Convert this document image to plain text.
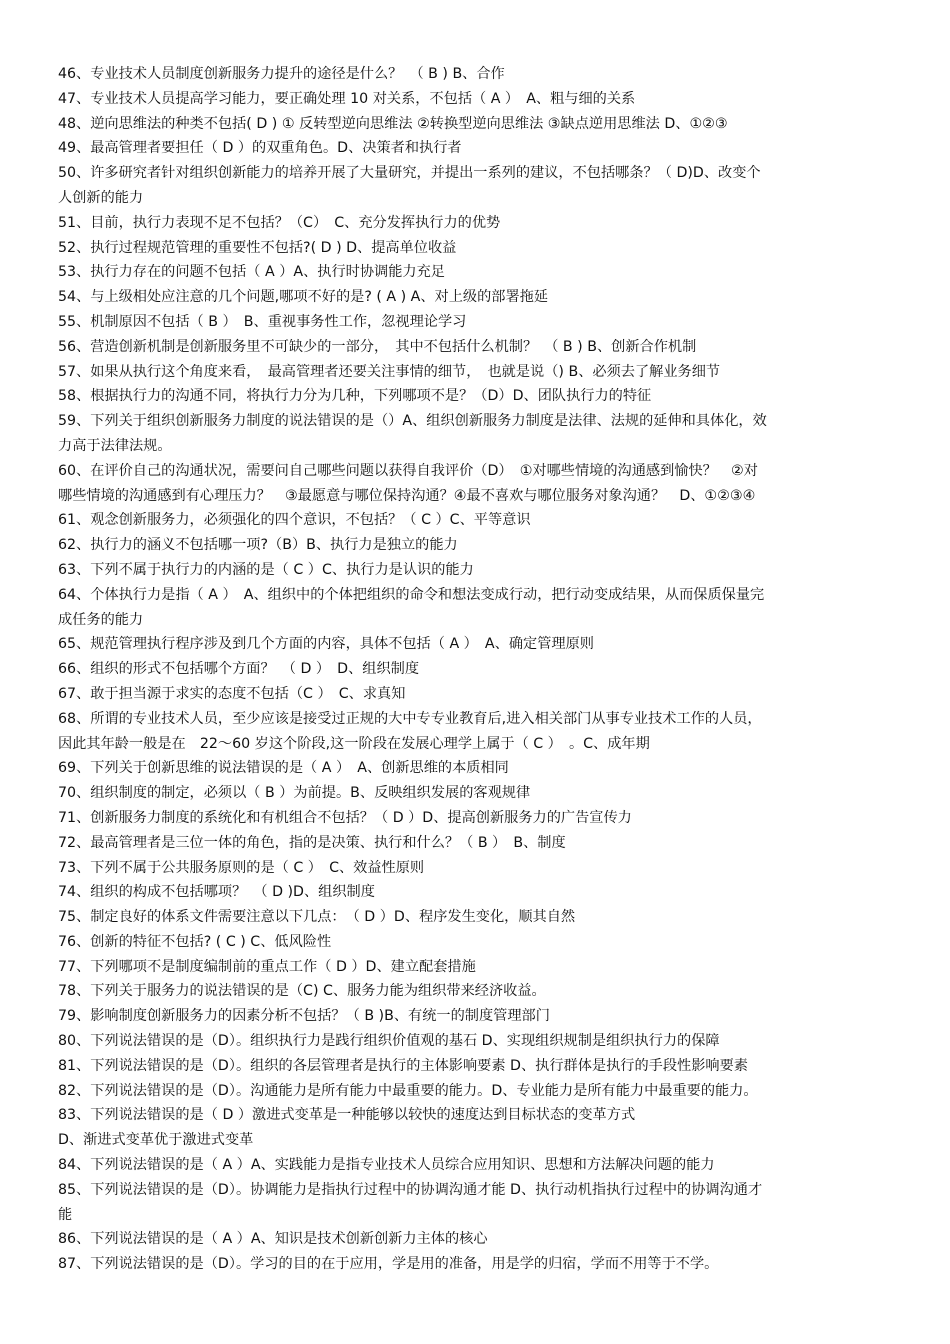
46、专业技术人员制度创新服务力提升的途径是什么？　（ B ) B、合作
47、专业技术人员提高学习能力，要正确处理 10 对关系，不包括（ A ）　A、粗与细的关系
48、逆向思维法的种类不包括( D ) ① 反转型逆向思维法 ②转换型逆向思维法 ③缺点逆用思维法 D、①②③
49、最高管理者要担任（ D ）的双重角色。D、决策者和执行者
50、许多研究者针对组织创新能力的培养开展了大量研究，并提出一系列的建议，不包括哪条？（ D)D、改变个
人创新的能力
51、目前，执行力表现不足不包括？（C）　C、充分发挥执行力的优势
52、执行过程规范管理的重要性不包括?( D ) D、提高单位收益
53、执行力存在的问题不包括（ A ）A、执行时协调能力充足
54、与上级相处应注意的几个问题,哪项不好的是? ( A ) A、对上级的部署拖延
55、机制原因不包括（ B ）　B、重视事务性工作，忽视理论学习
56、营造创新机制是创新服务里不可缺少的一部分，　其中不包括什么机制？　（ B ) B、创新合作机制
57、如果从执行这个角度来看，　最高管理者还要关注事情的细节，　也就是说（) B、必须去了解业务细节
58、根据执行力的沟通不同，将执行力分为几种，下列哪项不是？（D）D、团队执行力的特征
59、下列关于组织创新服务力制度的说法错误的是（）A、组织创新服务力制度是法律、法规的延伸和具体化，效
力高于法律法规。
60、在评价自己的沟通状况，需要问自己哪些问题以获得自我评价（D）　①对哪些情境的沟通感到愉快？　②对
哪些情境的沟通感到有心理压力？　③最愿意与哪位保持沟通？④最不喜欢与哪位服务对象沟通？　D、①②③④
61、观念创新服务力，必须强化的四个意识，不包括？（ C ）C、平等意识
62、执行力的涵义不包括哪一项?（B）B、执行力是独立的能力
63、下列不属于执行力的内涵的是（ C ）C、执行力是认识的能力
64、个体执行力是指（ A ）　A、组织中的个体把组织的命令和想法变成行动，把行动变成结果，从而保质保量完
成任务的能力
65、规范管理执行程序涉及到几个方面的内容，具体不包括（ A ）　A、确定管理原则
66、组织的形式不包括哪个方面？　（ D ）　D、组织制度
67、敢于担当源于求实的态度不包括（C ）　C、求真知
68、所谓的专业技术人员，至少应该是接受过正规的大中专专业教育后,进入相关部门从事专业技术工作的人员，
因此其年龄一般是在　22～60 岁这个阶段,这一阶段在发展心理学上属于（ C ）　。C、成年期
69、下列关于创新思维的说法错误的是（ A ）　A、创新思维的本质相同
70、组织制度的制定，必须以（ B ）为前提。B、反映组织发展的客观规律
71、创新服务力制度的系统化和有机组合不包括？（ D ）D、提高创新服务力的广告宣传力
72、最高管理者是三位一体的角色，指的是决策、执行和什么？（ B ）　B、制度
73、下列不属于公共服务原则的是（ C ）　C、效益性原则
74、组织的构成不包括哪项？　（ D )D、组织制度
75、制定良好的体系文件需要注意以下几点：　（ D ）D、程序发生变化，顺其自然
76、创新的特征不包括? ( C ) C、低风险性
77、下列哪项不是制度编制前的重点工作（ D ）D、建立配套措施
78、下列关于服务力的说法错误的是（C) C、服务力能为组织带来经济收益。
79、影响制度创新服务力的因素分析不包括？（ B )B、有统一的制度管理部门
80、下列说法错误的是（D）。组织执行力是践行组织价值观的基石 D、实现组织规制是组织执行力的保障
81、下列说法错误的是（D）。组织的各层管理者是执行的主体影响要素 D、执行群体是执行的手段性影响要素
82、下列说法错误的是（D）。沟通能力是所有能力中最重要的能力。D、专业能力是所有能力中最重要的能力。
83、下列说法错误的是（ D ）激进式变革是一种能够以较快的速度达到目标状态的变革方式
D、渐进式变革优于激进式变革
84、下列说法错误的是（ A ）A、实践能力是指专业技术人员综合应用知识、思想和方法解决问题的能力
85、下列说法错误的是（D）。协调能力是指执行过程中的协调沟通才能 D、执行动机指执行过程中的协调沟通才
能
86、下列说法错误的是（ A ）A、知识是技术创新创新力主体的核心
87、下列说法错误的是（D）。学习的目的在于应用，学是用的准备，用是学的归宿，学而不用等于不学。
